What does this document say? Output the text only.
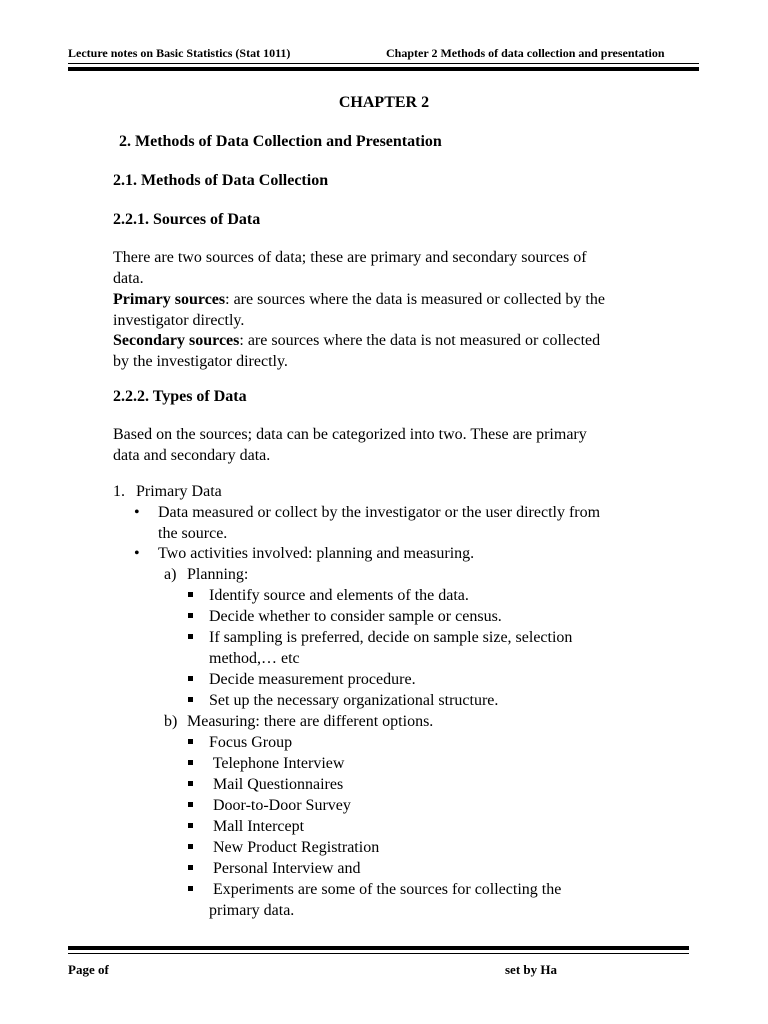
Lecture notes on Basic Statistics (Stat 1011)	Chapter 2 Methods of data collection and presentation
CHAPTER 2
2. Methods of Data Collection and Presentation
2.1. Methods of Data Collection
2.2.1. Sources of Data
There are two sources of data; these are primary and secondary sources of
data.
Primary sources: are sources where the data is measured or collected by the
investigator directly.
Secondary sources: are sources where the data is not measured or collected
by the investigator directly.
2.2.2. Types of Data
Based on the sources; data can be categorized into two. These are primary
data and secondary data.
1. Primary Data
• Data measured or collect by the investigator or the user directly from
the source.
• Two activities involved: planning and measuring.
a) Planning:
Identify source and elements of the data.
Decide whether to consider sample or census.
If sampling is preferred, decide on sample size, selection
method,… etc
Decide measurement procedure.
Set up the necessary organizational structure.
b) Measuring: there are different options.
Focus Group
Telephone Interview
Mail Questionnaires
Door-to-Door Survey
Mall Intercept
New Product Registration
Personal Interview and
Experiments are some of the sources for collecting the
primary data.
Page of	set by Ha
